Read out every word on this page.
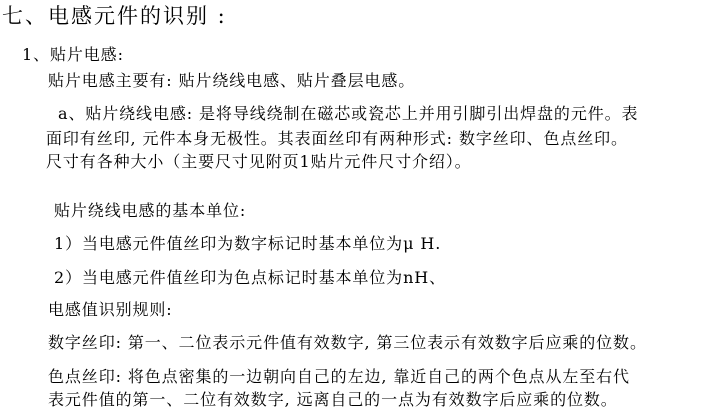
七、电感元件的识别 :
1、贴片电感:
贴片电感主要有: 贴片绕线电感、贴片叠层电感。
a、贴片绕线电感: 是将导线绕制在磁芯或瓷芯上并用引脚引出焊盘的元件。表
面印有丝印, 元件本身无极性。其表面丝印有两种形式: 数字丝印、色点丝印。
尺寸有各种大小（主要尺寸见附页1贴片元件尺寸介绍）。
贴片绕线电感的基本单位:
1）当电感元件值丝印为数字标记时基本单位为μ H.
2）当电感元件值丝印为色点标记时基本单位为nH、
电感值识别规则:
数字丝印: 第一、二位表示元件值有效数字, 第三位表示有效数字后应乘的位数。
色点丝印: 将色点密集的一边朝向自己的左边, 靠近自己的两个色点从左至右代
表元件值的第一、二位有效数字, 远离自己的一点为有效数字后应乘的位数。
